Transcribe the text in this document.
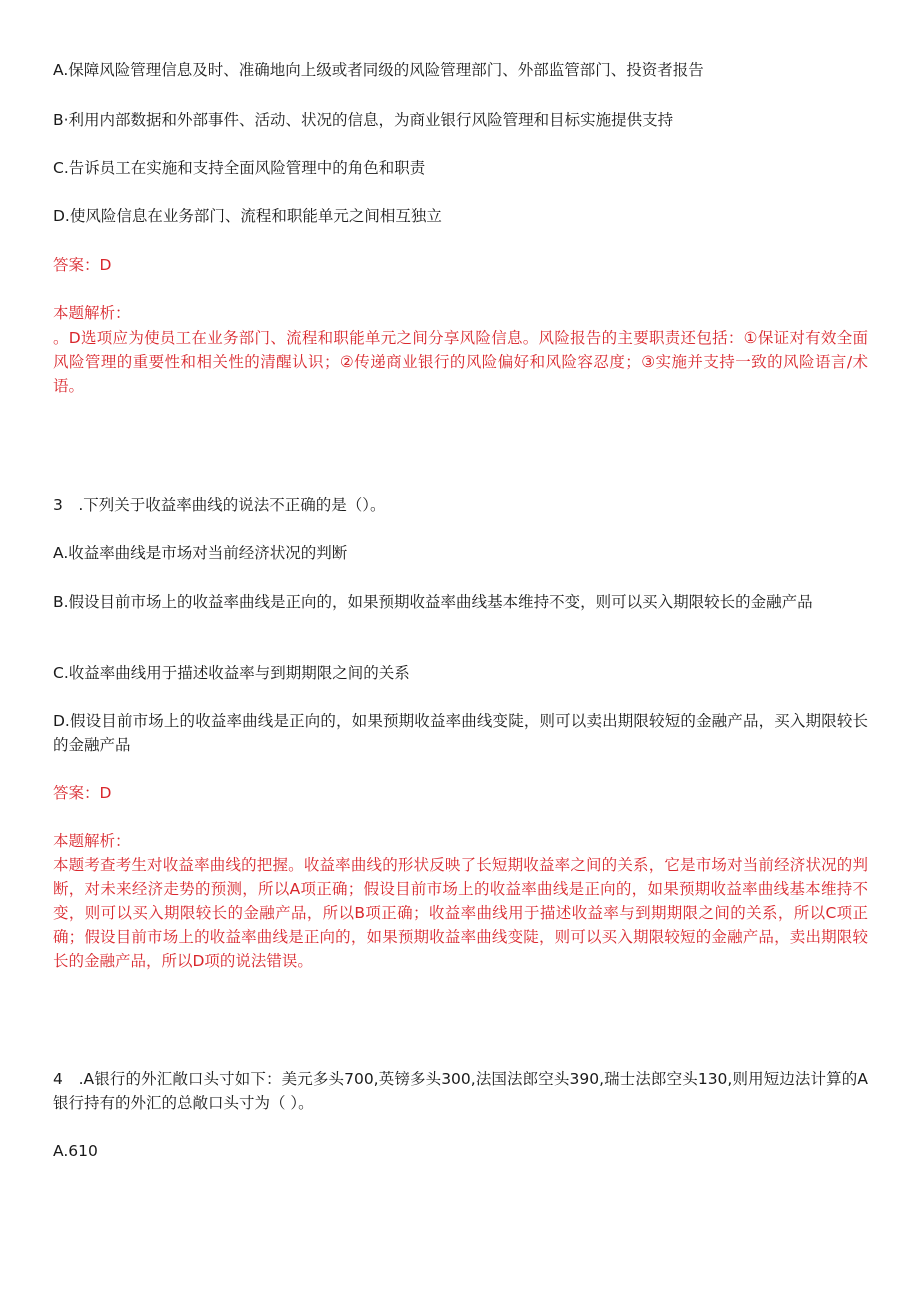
A.保障风险管理信息及时、准确地向上级或者同级的风险管理部门、外部监管部门、投资者报告

B·利用内部数据和外部事件、活动、状况的信息，为商业银行风险管理和目标实施提供支持

C.告诉员工在实施和支持全面风险管理中的角色和职责

D.使风险信息在业务部门、流程和职能单元之间相互独立

答案：D

本题解析：

。D选项应为使员工在业务部门、流程和职能单元之间分享风险信息。风险报告的主要职责还包括：①保证对有效全面风险管理的重要性和相关性的清醒认识；②传递商业银行的风险偏好和风险容忍度；③实施并支持一致的风险语言/术语。

3　.下列关于收益率曲线的说法不正确的是（）。

A.收益率曲线是市场对当前经济状况的判断

B.假设目前市场上的收益率曲线是正向的，如果预期收益率曲线基本维持不变，则可以买入期限较长的金融产品

C.收益率曲线用于描述收益率与到期期限之间的关系

D.假设目前市场上的收益率曲线是正向的，如果预期收益率曲线变陡，则可以卖出期限较短的金融产品，买入期限较长的金融产品

答案：D

本题解析：

本题考查考生对收益率曲线的把握。收益率曲线的形状反映了长短期收益率之间的关系，它是市场对当前经济状况的判断，对未来经济走势的预测，所以A项正确；假设目前市场上的收益率曲线是正向的，如果预期收益率曲线基本维持不变，则可以买入期限较长的金融产品，所以B项正确；收益率曲线用于描述收益率与到期期限之间的关系，所以C项正确；假设目前市场上的收益率曲线是正向的，如果预期收益率曲线变陡，则可以买入期限较短的金融产品，卖出期限较长的金融产品，所以D项的说法错误。

4　.A银行的外汇敞口头寸如下：美元多头700,英镑多头300,法国法郎空头390,瑞士法郎空头130,则用短边法计算的A银行持有的外汇的总敞口头寸为（ ）。

A.610
